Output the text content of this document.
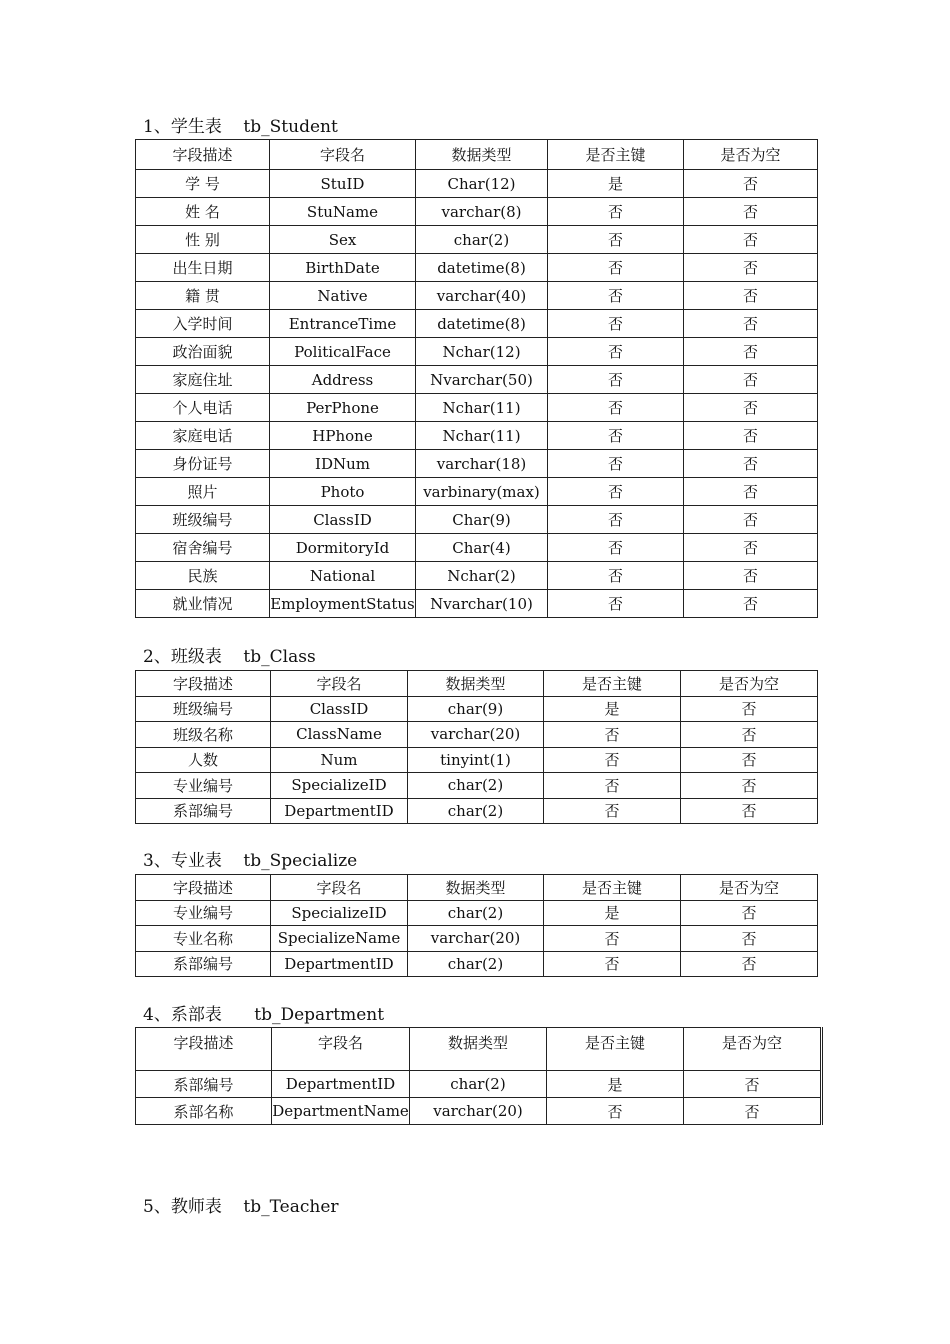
1、学生表    tb_Student
字段描述	字段名	数据类型	是否主键	是否为空
学 号	StuID	Char(12)	是	否
姓 名	StuName	varchar(8)	否	否
性 别	Sex	char(2)	否	否
出生日期	BirthDate	datetime(8)	否	否
籍 贯	Native	varchar(40)	否	否
入学时间	EntranceTime	datetime(8)	否	否
政治面貌	PoliticalFace	Nchar(12)	否	否
家庭住址	Address	Nvarchar(50)	否	否
个人电话	PerPhone	Nchar(11)	否	否
家庭电话	HPhone	Nchar(11)	否	否
身份证号	IDNum	varchar(18)	否	否
照片	Photo	varbinary(max)	否	否
班级编号	ClassID	Char(9)	否	否
宿舍编号	DormitoryId	Char(4)	否	否
民族	National	Nchar(2)	否	否
就业情况	EmploymentStatus	Nvarchar(10)	否	否
2、班级表    tb_Class
字段描述	字段名	数据类型	是否主键	是否为空
班级编号	ClassID	char(9)	是	否
班级名称	ClassName	varchar(20)	否	否
人数	Num	tinyint(1)	否	否
专业编号	SpecializeID	char(2)	否	否
系部编号	DepartmentID	char(2)	否	否
3、专业表    tb_Specialize
字段描述	字段名	数据类型	是否主键	是否为空
专业编号	SpecializeID	char(2)	是	否
专业名称	SpecializeName	varchar(20)	否	否
系部编号	DepartmentID	char(2)	否	否
4、系部表      tb_Department
字段描述	字段名	数据类型	是否主键	是否为空
系部编号	DepartmentID	char(2)	是	否
系部名称	DepartmentName	varchar(20)	否	否
5、教师表    tb_Teacher
